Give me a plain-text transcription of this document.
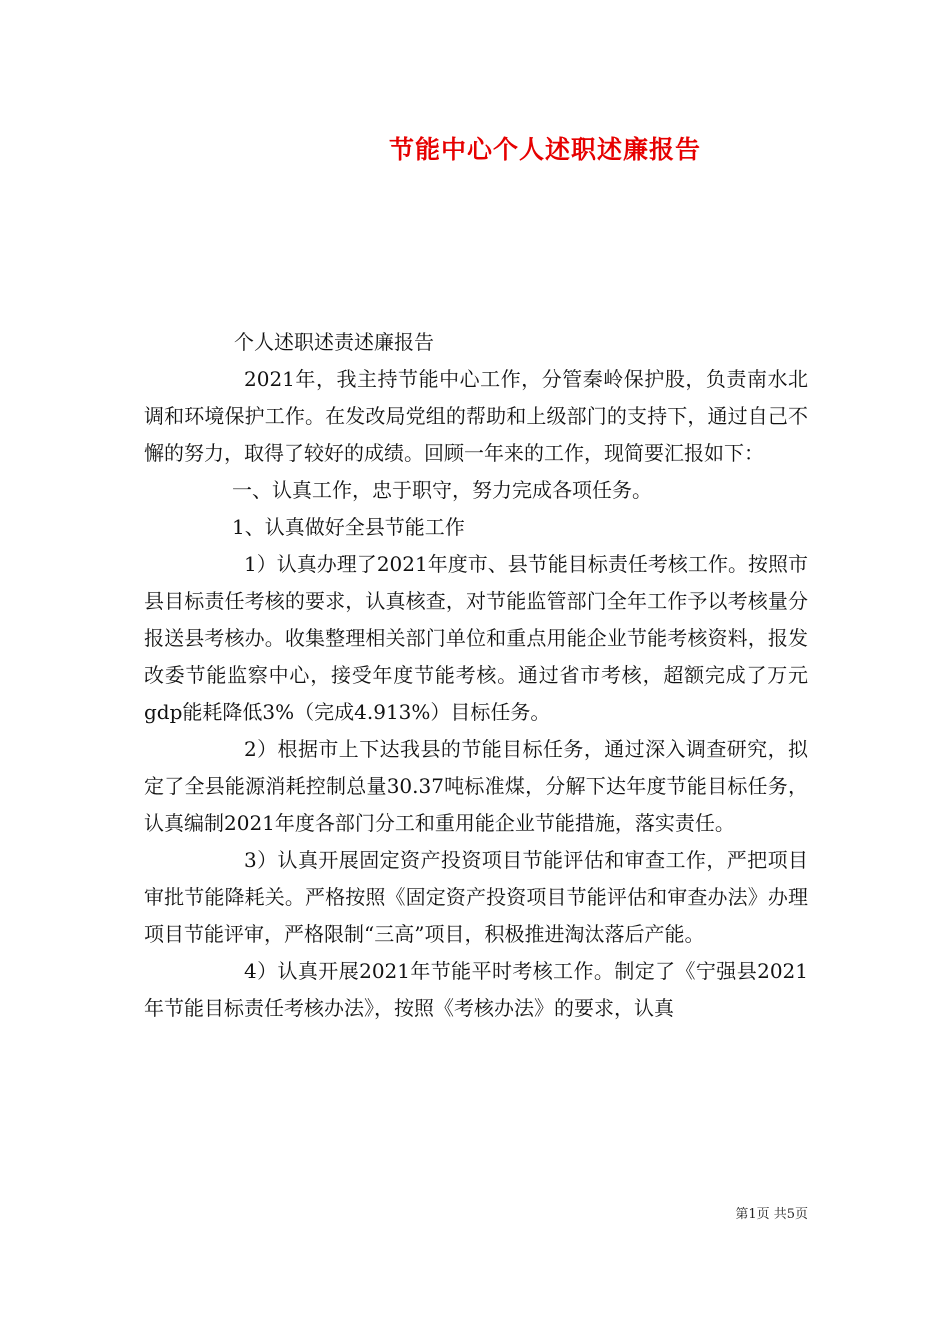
节能中心个人述职述廉报告

个人述职述责述廉报告

2021年，我主持节能中心工作，分管秦岭保护股，负责南水北调和环境保护工作。在发改局党组的帮助和上级部门的支持下，通过自己不懈的努力，取得了较好的成绩。回顾一年来的工作，现简要汇报如下：

一、认真工作，忠于职守，努力完成各项任务。

1、认真做好全县节能工作

1）认真办理了2021年度市、县节能目标责任考核工作。按照市县目标责任考核的要求，认真核查，对节能监管部门全年工作予以考核量分报送县考核办。收集整理相关部门单位和重点用能企业节能考核资料，报发改委节能监察中心，接受年度节能考核。通过省市考核，超额完成了万元gdp能耗降低3%（完成4.913%）目标任务。

2）根据市上下达我县的节能目标任务，通过深入调查研究，拟定了全县能源消耗控制总量30.37吨标准煤，分解下达年度节能目标任务，认真编制2021年度各部门分工和重用能企业节能措施，落实责任。

3）认真开展固定资产投资项目节能评估和审查工作，严把项目审批节能降耗关。严格按照《固定资产投资项目节能评估和审查办法》办理项目节能评审，严格限制“三高”项目，积极推进淘汰落后产能。

4）认真开展2021年节能平时考核工作。制定了《宁强县2021年节能目标责任考核办法》，按照《考核办法》的要求，认真

第1页 共5页
